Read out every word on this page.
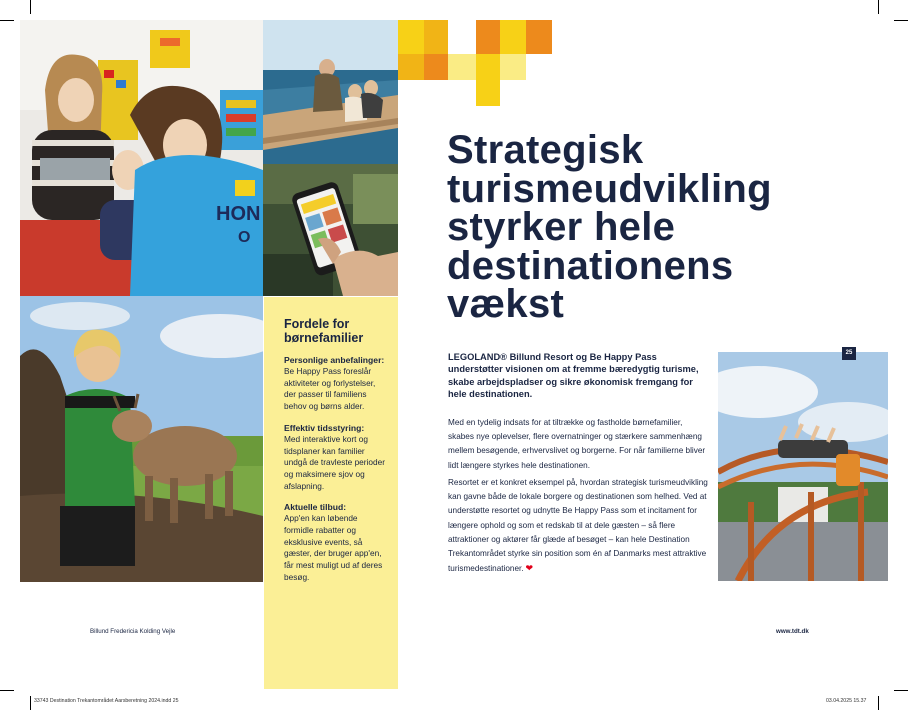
HON
O
Fordele for børnefamilier
Personlige anbefalinger:

Be Happy Pass foreslår aktiviteter og forlystelser, der passer til familiens behov og børns alder.

Effektiv tidsstyring:

Med interaktive kort og tidsplaner kan familier undgå de travleste perioder og maksimere sjov og afslapning.

Aktuelle tilbud:

App'en kan løbende formidle rabatter og eksklusive events, så gæster, der bruger app'en, får mest muligt ud af deres besøg.

Strategisk
turismeudvikling
styrker hele
destinationens
vækst

LEGOLAND® Billund Resort og Be Happy Pass understøtter visionen om at fremme bæredygtig turisme, skabe arbejdspladser og sikre økonomisk fremgang for hele destinationen.

Med en tydelig indsats for at tiltrække og fastholde børnefamilier, skabes nye oplevelser, flere overnatninger og stærkere sammenhæng mellem besøgende, erhvervslivet og borgerne. For når familierne bliver lidt længere styrkes hele destinationen.

Resortet er et konkret eksempel på, hvordan strategisk turismeudvikling kan gavne både de lokale borgere og destinationen som helhed. Ved at understøtte resortet og udnytte Be Happy Pass som et incitament for længere ophold og som et redskab til at dele gæsten – så flere attraktioner og aktører får glæde af besøget – kan hele Destination Trekantområdet styrke sin position som én af Danmarks mest attraktive turismedestinationer. ❤

25
Billund Fredericia Kolding Vejle	www.tdt.dk
33743 Destination Trekantområdet Aarsberetning 2024.indd 25	03.04.2025 15.37
